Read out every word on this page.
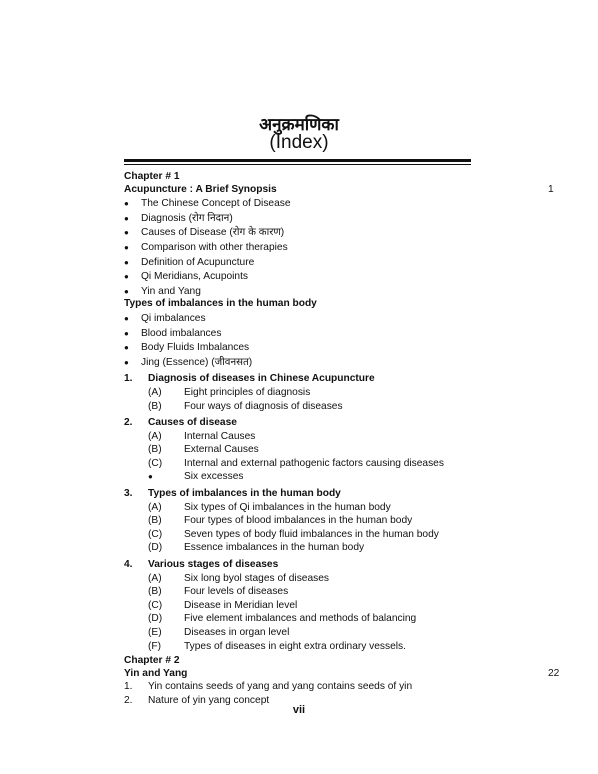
अनुक्रमणिका
(Index)
Chapter # 1
Acupuncture : A Brief Synopsis	1
●	The Chinese Concept of Disease
●	Diagnosis (रोग निदान)
●	Causes of Disease (रोग के कारण)
●	Comparison with other therapies
●	Definition of Acupuncture
●	Qi Meridians, Acupoints
●	Yin and Yang
Types of imbalances in the human body
●	Qi imbalances
●	Blood imbalances
●	Body Fluids Imbalances
●	Jing (Essence) (जीवनसत)
1.	Diagnosis of diseases in Chinese Acupuncture
(A)	Eight principles of diagnosis
(B)	Four ways of diagnosis of diseases
2.	Causes of disease
(A)	Internal Causes
(B)	External Causes
(C)	Internal and external pathogenic factors causing diseases
●	Six excesses
3.	Types of imbalances in the human body
(A)	Six types of Qi imbalances in the human body
(B)	Four types of blood imbalances in the human body
(C)	Seven types of body fluid imbalances in the human body
(D)	Essence imbalances in the human body
4.	Various stages of diseases
(A)	Six long byol stages of diseases
(B)	Four levels of diseases
(C)	Disease in Meridian level
(D)	Five element imbalances and methods of balancing
(E)	Diseases in organ level
(F)	Types of diseases in eight extra ordinary vessels.
Chapter # 2
Yin and Yang	22
1.	Yin contains seeds of yang and yang contains seeds of yin
2.	Nature of yin yang concept
vii
